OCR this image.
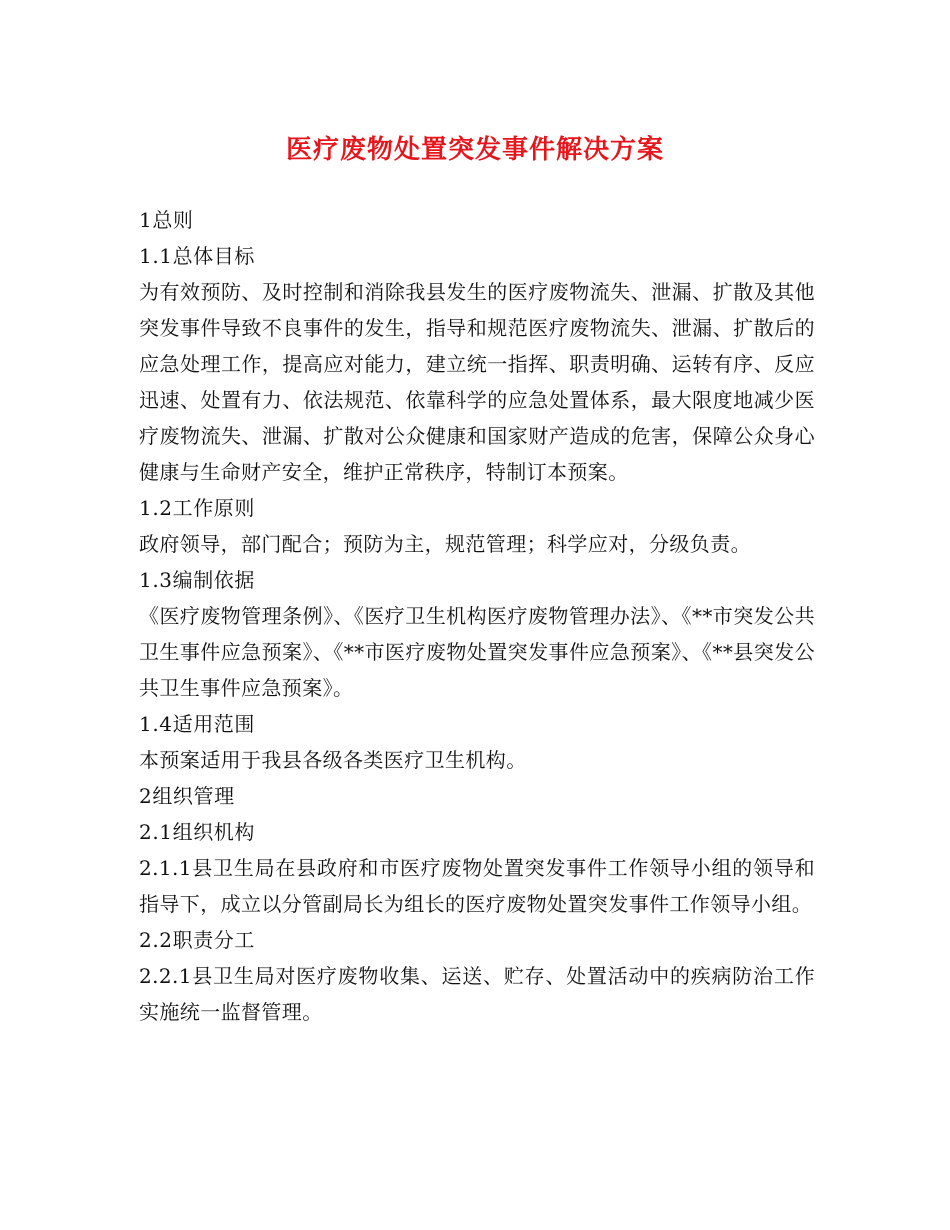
医疗废物处置突发事件解决方案

1总则

1.1总体目标

为有效预防、及时控制和消除我县发生的医疗废物流失、泄漏、扩散及其他突发事件导致不良事件的发生，指导和规范医疗废物流失、泄漏、扩散后的应急处理工作，提高应对能力，建立统一指挥、职责明确、运转有序、反应迅速、处置有力、依法规范、依靠科学的应急处置体系，最大限度地减少医疗废物流失、泄漏、扩散对公众健康和国家财产造成的危害，保障公众身心健康与生命财产安全，维护正常秩序，特制订本预案。

1.2工作原则

政府领导，部门配合；预防为主，规范管理；科学应对，分级负责。

1.3编制依据

《医疗废物管理条例》、《医疗卫生机构医疗废物管理办法》、《**市突发公共卫生事件应急预案》、《**市医疗废物处置突发事件应急预案》、《**县突发公共卫生事件应急预案》。

1.4适用范围

本预案适用于我县各级各类医疗卫生机构。

2组织管理

2.1组织机构

2.1.1县卫生局在县政府和市医疗废物处置突发事件工作领导小组的领导和指导下，成立以分管副局长为组长的医疗废物处置突发事件工作领导小组。

2.2职责分工

2.2.1县卫生局对医疗废物收集、运送、贮存、处置活动中的疾病防治工作实施统一监督管理。
